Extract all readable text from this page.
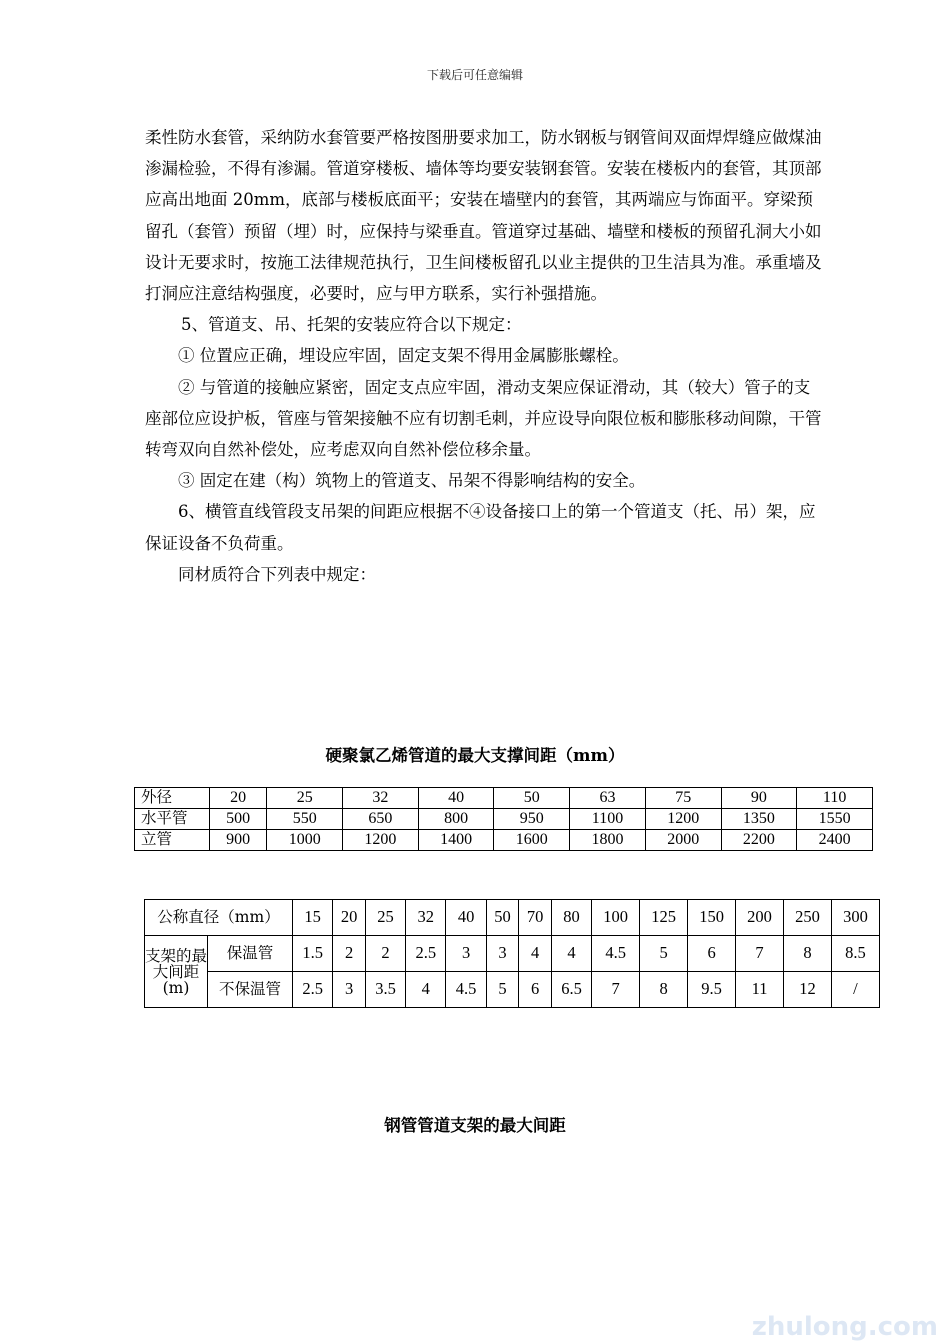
下载后可任意编辑

柔性防水套管，采纳防水套管要严格按图册要求加工，防水钢板与钢管间双面焊焊缝应做煤油渗漏检验，不得有渗漏。管道穿楼板、墙体等均要安装钢套管。安装在楼板内的套管，其顶部应高出地面 20mm，底部与楼板底面平；安装在墙壁内的套管，其两端应与饰面平。穿梁预留孔（套管）预留（埋）时，应保持与梁垂直。管道穿过基础、墙壁和楼板的预留孔洞大小如设计无要求时，按施工法律规范执行，卫生间楼板留孔以业主提供的卫生洁具为准。承重墙及打洞应注意结构强度，必要时，应与甲方联系，实行补强措施。

5、管道支、吊、托架的安装应符合以下规定：

① 位置应正确，埋设应牢固，固定支架不得用金属膨胀螺栓。

② 与管道的接触应紧密，固定支点应牢固，滑动支架应保证滑动，其（较大）管子的支座部位应设护板，管座与管架接触不应有切割毛刺，并应设导向限位板和膨胀移动间隙，干管转弯双向自然补偿处，应考虑双向自然补偿位移余量。

③ 固定在建（构）筑物上的管道支、吊架不得影响结构的安全。

6、横管直线管段支吊架的间距应根据不④设备接口上的第一个管道支（托、吊）架，应保证设备不负荷重。

同材质符合下列表中规定：

硬聚氯乙烯管道的最大支撑间距（mm）
外径	20	25	32	40	50	63	75	90	110
水平管	500	550	650	800	950	1100	1200	1350	1550
立管	900	1000	1200	1400	1600	1800	2000	2200	2400
公称直径（mm）		15	20	25	32	40	50	70	80	100	125	150	200	250	300
支架的最大间距(m)	保温管	1.5	2	2	2.5	3	3	4	4	4.5	5	6	7	8	8.5
	不保温管	2.5	3	3.5	4	4.5	5	6	6.5	7	8	9.5	11	12	/
钢管管道支架的最大间距
zhulong.com
